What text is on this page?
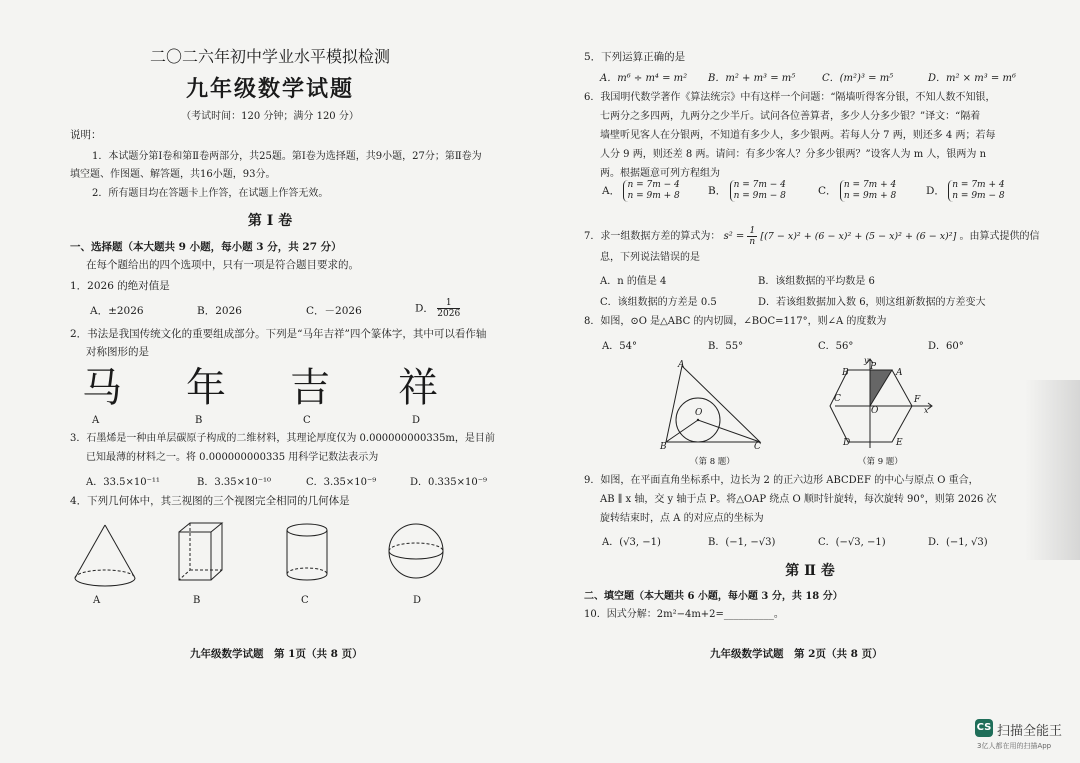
二〇二六年初中学业水平模拟检测
九年级数学试题
（考试时间：120 分钟；满分 120 分）
说明：
1．本试题分第Ⅰ卷和第Ⅱ卷两部分，共25题。第Ⅰ卷为选择题，共9小题，27分；第Ⅱ卷为
填空题、作图题、解答题，共16小题，93分。
2．所有题目均在答题卡上作答，在试题上作答无效。
第 Ⅰ 卷
一、选择题（本大题共 9 小题，每小题 3 分，共 27 分）
在每个题给出的四个选项中，只有一项是符合题目要求的。
1．2026 的绝对值是
A．±2026	B．2026	C．－2026	D． $\frac{1}{2026}$
2．书法是我国传统文化的重要组成部分。下列是“马年吉祥”四个篆体字，其中可以看作轴
对称图形的是
马 年 吉 祥
A	B	C	D
3．石墨烯是一种由单层碳原子构成的二维材料，其理论厚度仅为 0.000000000335m，是目前
已知最薄的材料之一。将 0.000000000335 用科学记数法表示为
A．33.5×10⁻¹¹	B．3.35×10⁻¹⁰	C．3.35×10⁻⁹	D．0.335×10⁻⁹
4．下列几何体中，其三视图的三个视图完全相同的几何体是
A	B	C	D
九年级数学试题　第 1页（共 8 页）
5．下列运算正确的是
A．m⁶ ÷ m⁴ = m² B．m² + m³ = m⁵	C．(m²)³ = m⁵	D．m² × m³ = m⁶
6．我国明代数学著作《算法统宗》中有这样一个问题：“隔墙听得客分银，不知人数不知银，
七两分之多四两，九两分之少半斤。试问各位善算者，多少人分多少银？”译文：“隔着
墙壁听见客人在分银两，不知道有多少人，多少银两。若每人分 7 两，则还多 4 两；若每
人分 9 两，则还差 8 两。请问：有多少客人？分多少银两？”设客人为 m 人，银两为 n
两。根据题意可列方程组为
A． n = 7m − 4
n = 9m + 8	B． n = 7m − 4
n = 9m − 8	C． n = 7m + 4
n = 9m + 8	D． n = 7m + 4
n = 9m − 8
7．求一组数据方差的算式为： $s^2 = \frac{1}{n} [(7 - x)^2 + (6 - x)^2 + (5 - x)^2 + (6 - x)^2]$ 。由算式提供的信
息，下列说法错误的是
A．n 的值是 4	B．该组数据的平均数是 6
C．该组数据的方差是 0.5	D．若该组数据加入数 6，则这组新数据的方差变大
8．如图，⊙O 是△ABC 的内切圆，∠BOC=117°，则∠A 的度数为
A．54°	B．55°	C．56°	D．60°
A
B	C
O
（第 8 题）
y
B
P
A
C
O
F
x
D	E
（第 9 题）
9．如图，在平面直角坐标系中，边长为 2 的正六边形 ABCDEF 的中心与原点 O 重合，
AB ∥ x 轴，交 y 轴于点 P。将△OAP 绕点 O 顺时针旋转，每次旋转 90°，则第 2026 次
旋转结束时，点 A 的对应点的坐标为
A．(√3, −1)	B．(−1, −√3)	C．(−√3, −1)	D．(−1, √3)
第 Ⅱ 卷
二、填空题（本大题共 6 小题，每小题 3 分，共 18 分）
10．因式分解：2m²−4m+2=__________。
九年级数学试题　第 2页（共 8 页）
CS 扫描全能王
3亿人都在用的扫描App
